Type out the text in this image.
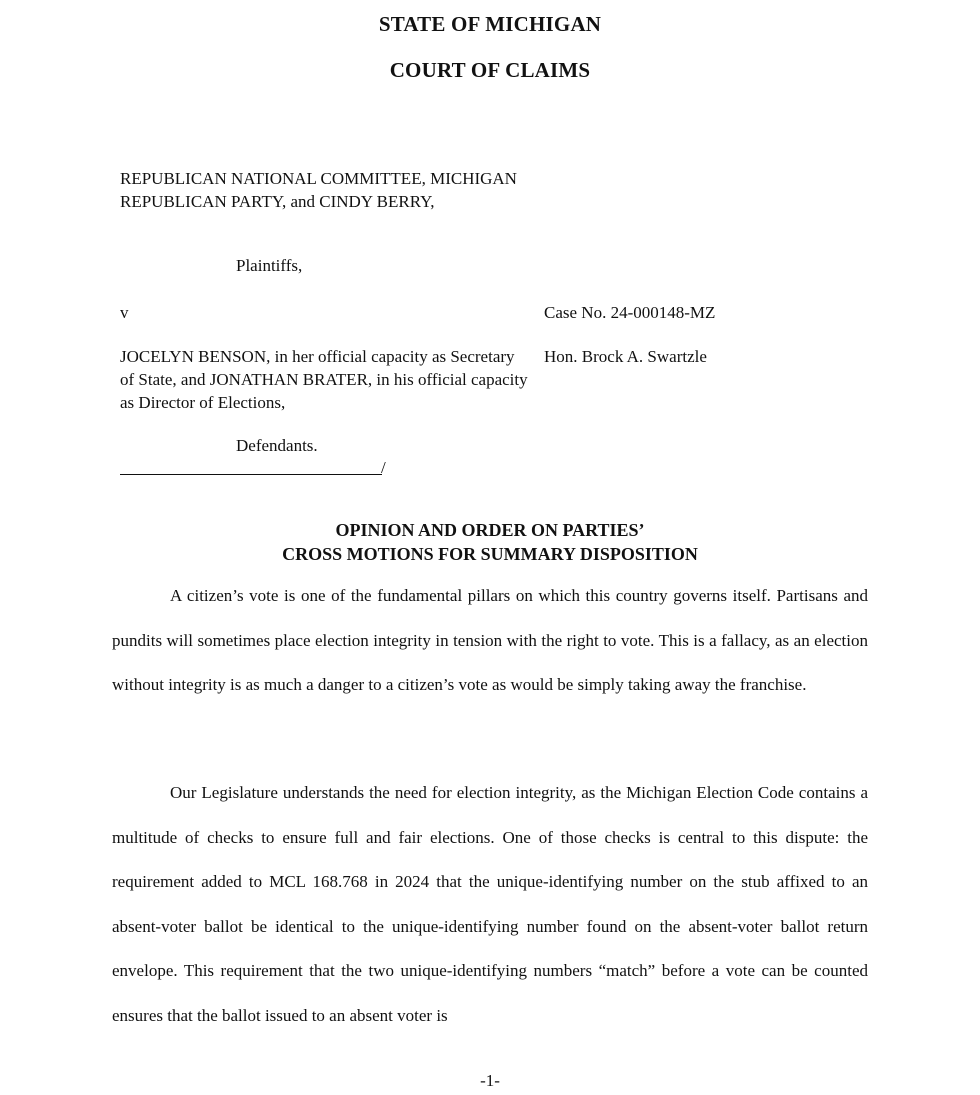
STATE OF MICHIGAN
COURT OF CLAIMS
REPUBLICAN NATIONAL COMMITTEE, MICHIGAN REPUBLICAN PARTY, and CINDY BERRY,
Plaintiffs,
v	Case No. 24-000148-MZ
JOCELYN BENSON, in her official capacity as Secretary of State, and JONATHAN BRATER, in his official capacity as Director of Elections,
Hon. Brock A. Swartzle
Defendants.
/
OPINION AND ORDER ON PARTIES’
CROSS MOTIONS FOR SUMMARY DISPOSITION

A citizen’s vote is one of the fundamental pillars on which this country governs itself. Partisans and pundits will sometimes place election integrity in tension with the right to vote. This is a fallacy, as an election without integrity is as much a danger to a citizen’s vote as would be simply taking away the franchise.

Our Legislature understands the need for election integrity, as the Michigan Election Code contains a multitude of checks to ensure full and fair elections. One of those checks is central to this dispute: the requirement added to MCL 168.768 in 2024 that the unique-identifying number on the stub affixed to an absent-voter ballot be identical to the unique-identifying number found on the absent-voter ballot return envelope. This requirement that the two unique-identifying numbers “match” before a vote can be counted ensures that the ballot issued to an absent voter is

-1-
